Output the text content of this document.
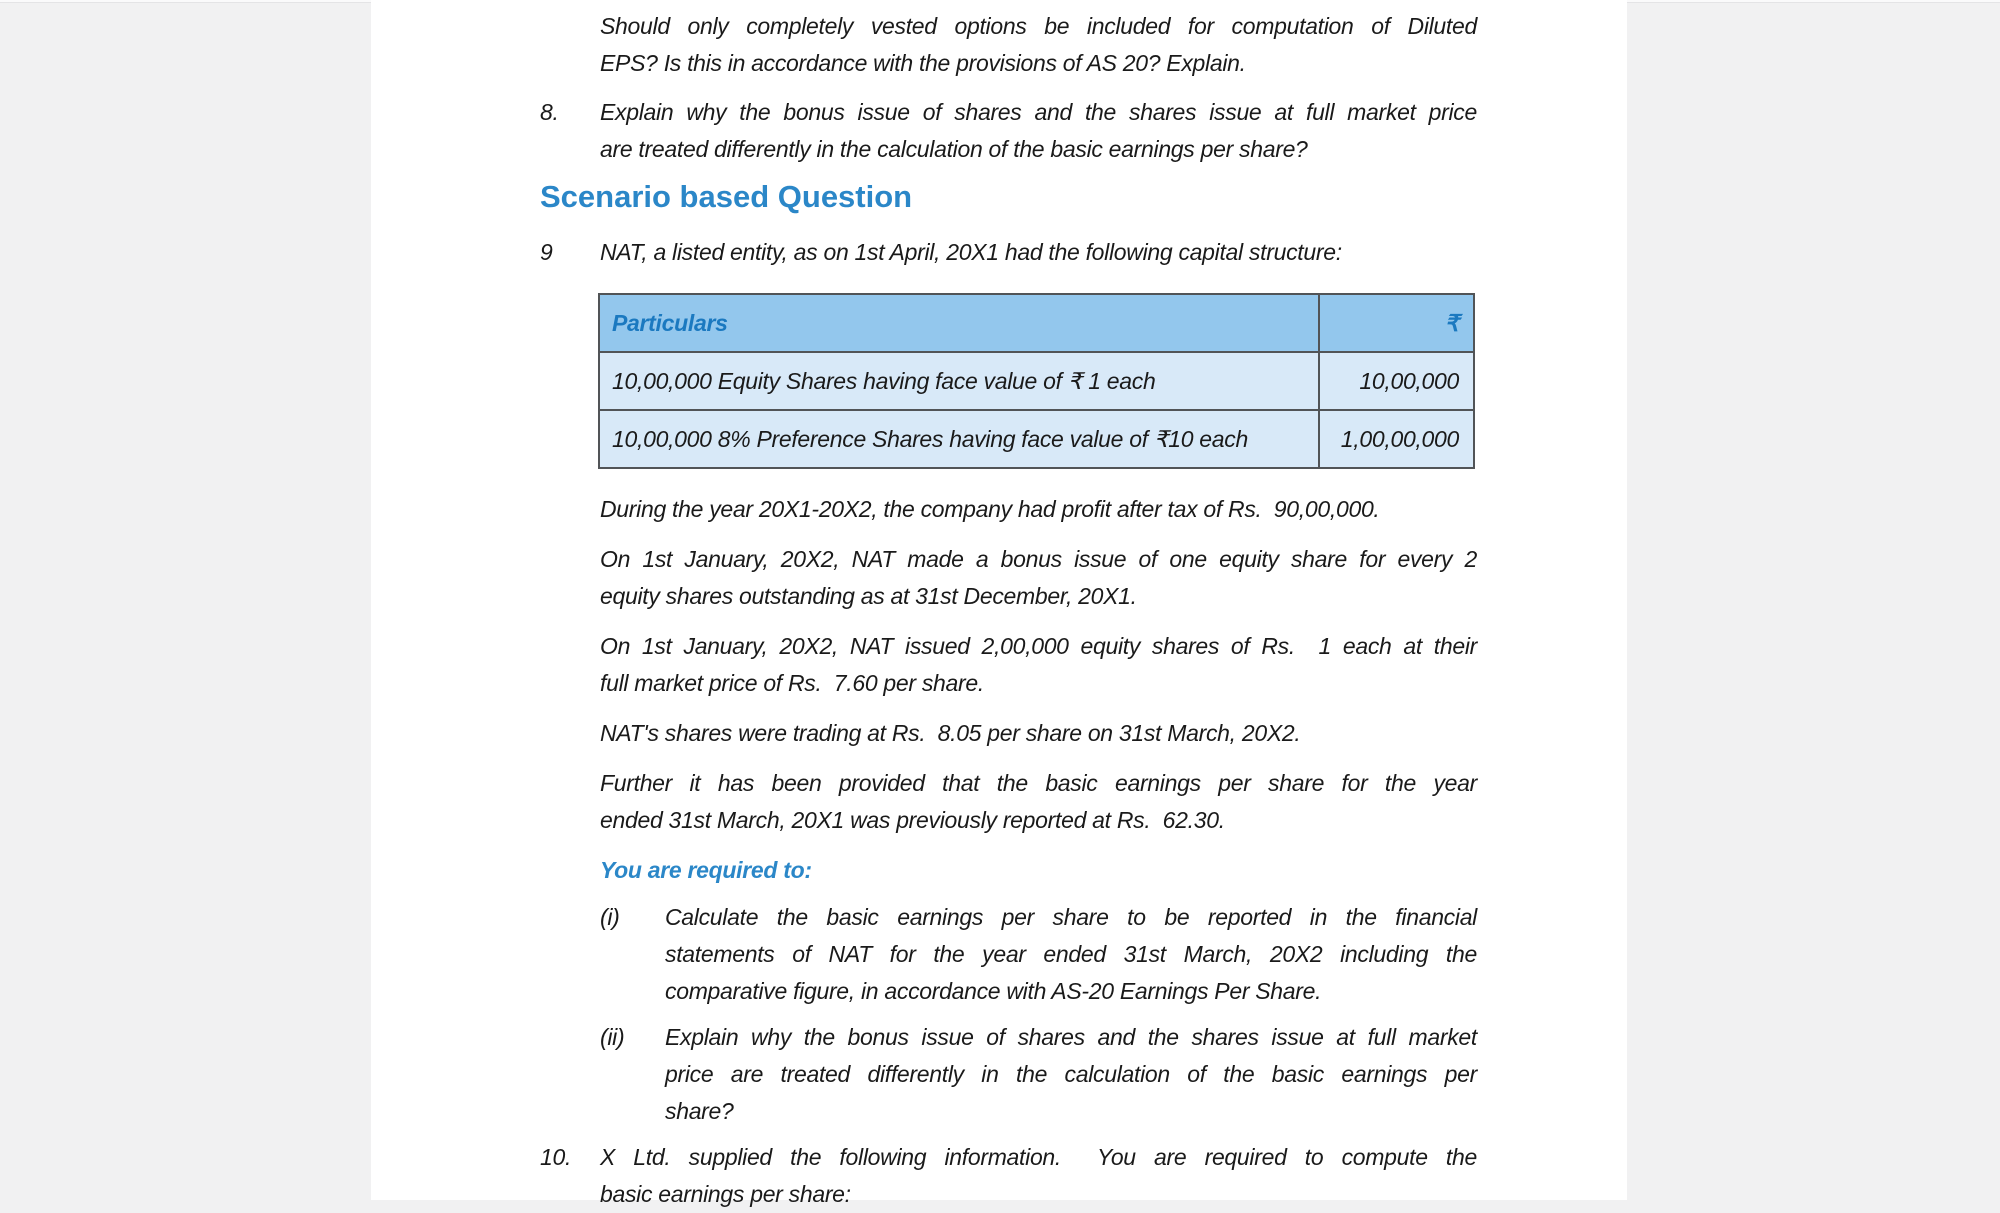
Should only completely vested options be included for computation of Diluted
EPS? Is this in accordance with the provisions of AS 20? Explain.
8.	Explain why the bonus issue of shares and the shares issue at full market price
are treated differently in the calculation of the basic earnings per share?
Scenario based Question
9	NAT, a listed entity, as on 1st April, 20X1 had the following capital structure:
Particulars	₹
10,00,000 Equity Shares having face value of ₹ 1 each	10,00,000
10,00,000 8% Preference Shares having face value of ₹10 each	1,00,00,000
During the year 20X1-20X2, the company had profit after tax of Rs.  90,00,000.
On 1st January, 20X2, NAT made a bonus issue of one equity share for every 2
equity shares outstanding as at 31st December, 20X1.
On 1st January, 20X2, NAT issued 2,00,000 equity shares of Rs.  1 each at their
full market price of Rs.  7.60 per share.
NAT's shares were trading at Rs.  8.05 per share on 31st March, 20X2.
Further it has been provided that the basic earnings per share for the year
ended 31st March, 20X1 was previously reported at Rs.  62.30.
You are required to:
(i)	Calculate the basic earnings per share to be reported in the financial
statements of NAT for the year ended 31st March, 20X2 including the
comparative figure, in accordance with AS-20 Earnings Per Share.
(ii)	Explain why the bonus issue of shares and the shares issue at full market
price are treated differently in the calculation of the basic earnings per
share?
10.	X Ltd. supplied the following information.  You are required to compute the
basic earnings per share:
